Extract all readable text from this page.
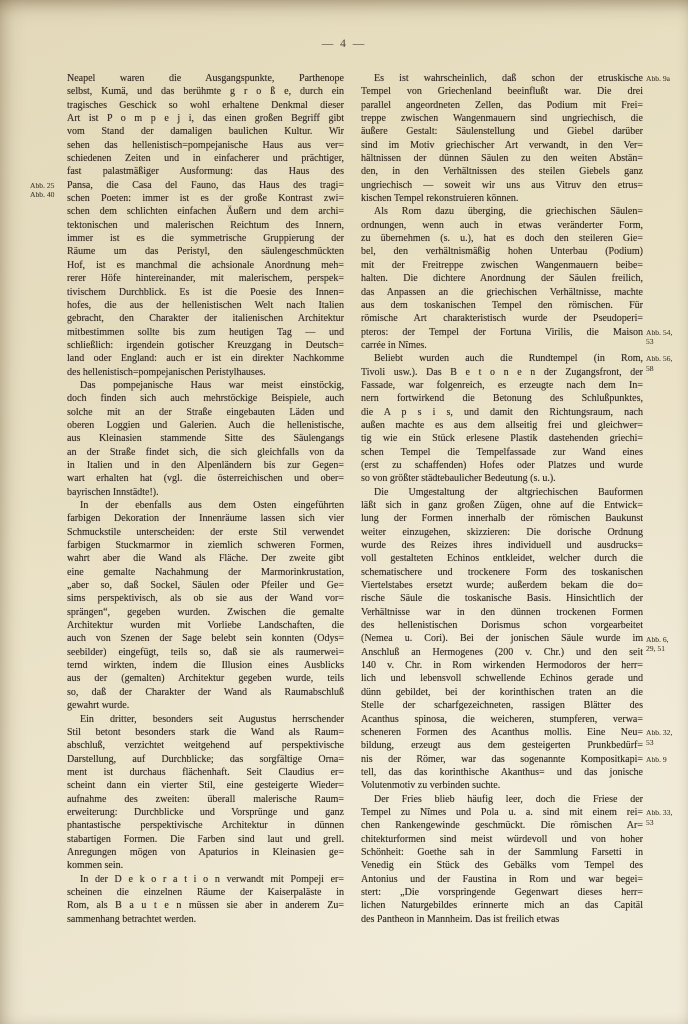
— 4 —
Neapel waren die Ausgangspunkte, Parthenope
selbst, Kumä, und das berühmte g r o ß e, durch ein
tragisches Geschick so wohl erhaltene Denkmal dieser
Art ist P o m p e j i, das einen großen Begriff gibt
vom Stand der damaligen baulichen Kultur. Wir
sehen das hellenistisch=pompejanische Haus aus ver=
schiedenen Zeiten und in einfacherer und prächtiger,
fast palastmäßiger Ausformung: das Haus des
Pansa, die Casa del Fauno, das Haus des tragi=
schen Poeten: immer ist es der große Kontrast zwi=
schen dem schlichten einfachen Äußern und dem archi=
tektonischen und malerischen Reichtum des Innern,
immer ist es die symmetrische Gruppierung der
Räume um das Peristyl, den säulengeschmückten
Hof, ist es manchmal die achsionale Anordnung meh=
rerer Höfe hintereinander, mit malerischem, perspek=
tivischem Durchblick. Es ist die Poesie des Innen=
hofes, die aus der hellenistischen Welt nach Italien
gebracht, den Charakter der italienischen Architektur
mitbestimmen sollte bis zum heutigen Tag — und
schließlich: irgendein gotischer Kreuzgang in Deutsch=
land oder England: auch er ist ein direkter Nachkomme
des hellenistisch=pompejanischen Peristylhauses.
Das pompejanische Haus war meist einstöckig,
doch finden sich auch mehrstöckige Beispiele, auch
solche mit an der Straße eingebauten Läden und
oberen Loggien und Galerien. Auch die hellenistische,
aus Kleinasien stammende Sitte des Säulengangs
an der Straße findet sich, die sich gleichfalls von da
in Italien und in den Alpenländern bis zur Gegen=
wart erhalten hat (vgl. die österreichischen und ober=
bayrischen Innstädte!).
In der ebenfalls aus dem Osten eingeführten
farbigen Dekoration der Innenräume lassen sich vier
Schmuckstile unterscheiden: der erste Stil verwendet
farbigen Stuckmarmor in ziemlich schweren Formen,
wahrt aber die Wand als Fläche. Der zweite gibt
eine gemalte Nachahmung der Marmorinkrustation,
„aber so, daß Sockel, Säulen oder Pfeiler und Ge=
sims perspektivisch, als ob sie aus der Wand vor=
sprängen“, gegeben wurden. Zwischen die gemalte
Architektur wurden mit Vorliebe Landschaften, die
auch von Szenen der Sage belebt sein konnten (Odys=
seebilder) eingefügt, teils so, daß sie als raumerwei=
ternd wirkten, indem die Illusion eines Ausblicks
aus der (gemalten) Architektur gegeben wurde, teils
so, daß der Charakter der Wand als Raumabschluß
gewahrt wurde.
Ein dritter, besonders seit Augustus herrschender
Stil betont besonders stark die Wand als Raum=
abschluß, verzichtet weitgehend auf perspektivische
Darstellung, auf Durchblicke; das sorgfältige Orna=
ment ist durchaus flächenhaft. Seit Claudius er=
scheint dann ein vierter Stil, eine gesteigerte Wieder=
aufnahme des zweiten: überall malerische Raum=
erweiterung: Durchblicke und Vorsprünge und ganz
phantastische perspektivische Architektur in dünnen
stabartigen Formen. Die Farben sind laut und grell.
Anregungen mögen von Apaturios in Kleinasien ge=
kommen sein.
In der D e k o r a t i o n verwandt mit Pompeji er=
scheinen die einzelnen Räume der Kaiserpaläste in
Rom, als B a u t e n müssen sie aber in anderem Zu=
sammenhang betrachtet werden.
Es ist wahrscheinlich, daß schon der etruskische
Tempel von Griechenland beeinflußt war. Die drei
parallel angeordneten Zellen, das Podium mit Frei=
treppe zwischen Wangenmauern sind ungriechisch, die
äußere Gestalt: Säulenstellung und Giebel darüber
sind im Motiv griechischer Art verwandt, in den Ver=
hältnissen der dünnen Säulen zu den weiten Abstän=
den, in den Verhältnissen des steilen Giebels ganz
ungriechisch — soweit wir uns aus Vitruv den etrus=
kischen Tempel rekonstruieren können.
Als Rom dazu überging, die griechischen Säulen=
ordnungen, wenn auch in etwas veränderter Form,
zu übernehmen (s. u.), hat es doch den steileren Gie=
bel, den verhältnismäßig hohen Unterbau (Podium)
mit der Freitreppe zwischen Wangenmauern beibe=
halten. Die dichtere Anordnung der Säulen freilich,
das Anpassen an die griechischen Verhältnisse, machte
aus dem toskanischen Tempel den römischen. Für
römische Art charakteristisch wurde der Pseudoperi=
pteros: der Tempel der Fortuna Virilis, die Maison
carrée in Nîmes.
Beliebt wurden auch die Rundtempel (in Rom,
Tivoli usw.). Das B e t o n e n der Zugangsfront, der
Fassade, war folgenreich, es erzeugte nach dem In=
nern fortwirkend die Betonung des Schlußpunktes,
die A p s i s, und damit den Richtungsraum, nach
außen machte es aus dem allseitig frei und gleichwer=
tig wie ein Stück erlesene Plastik dastehenden griechi=
schen Tempel die Tempelfassade zur Wand eines
(erst zu schaffenden) Hofes oder Platzes und wurde
so von größter städtebaulicher Bedeutung (s. u.).
Die Umgestaltung der altgriechischen Bauformen
läßt sich in ganz großen Zügen, ohne auf die Entwick=
lung der Formen innerhalb der römischen Baukunst
weiter einzugehen, skizzieren: Die dorische Ordnung
wurde des Reizes ihres individuell und ausdrucks=
voll gestalteten Echinos entkleidet, welcher durch die
schematischere und trockenere Form des toskanischen
Viertelstabes ersetzt wurde; außerdem bekam die do=
rische Säule die toskanische Basis. Hinsichtlich der
Verhältnisse war in den dünnen trockenen Formen
des hellenistischen Dorismus schon vorgearbeitet
(Nemea u. Cori). Bei der jonischen Säule wurde im
Anschluß an Hermogenes (200 v. Chr.) und den seit
140 v. Chr. in Rom wirkenden Hermodoros der herr=
lich und lebensvoll schwellende Echinos gerade und
dünn gebildet, bei der korinthischen traten an die
Stelle der scharfgezeichneten, rassigen Blätter des
Acanthus spinosa, die weicheren, stumpferen, verwa=
scheneren Formen des Acanthus mollis. Eine Neu=
bildung, erzeugt aus dem gesteigerten Prunkbedürf=
nis der Römer, war das sogenannte Kompositkapi=
tell, das das korinthische Akanthus= und das jonische
Volutenmotiv zu verbinden suchte.
Der Fries blieb häufig leer, doch die Friese der
Tempel zu Nîmes und Pola u. a. sind mit einem rei=
chen Rankengewinde geschmückt. Die römischen Ar=
chitekturformen sind meist würdevoll und von hoher
Schönheit: Goethe sah in der Sammlung Farsetti in
Venedig ein Stück des Gebälks vom Tempel des
Antonius und der Faustina in Rom und war begei=
stert: „Die vorspringende Gegenwart dieses herr=
lichen Naturgebildes erinnerte mich an das Capitäl
des Pantheon in Mannheim. Das ist freilich etwas
Abb. 25
Abb. 40
Abb. 9a
Abb. 54,
53
Abb. 56,
58
Abb. 6,
29, 51
Abb. 32,
53
Abb. 9
Abb. 33,
53
